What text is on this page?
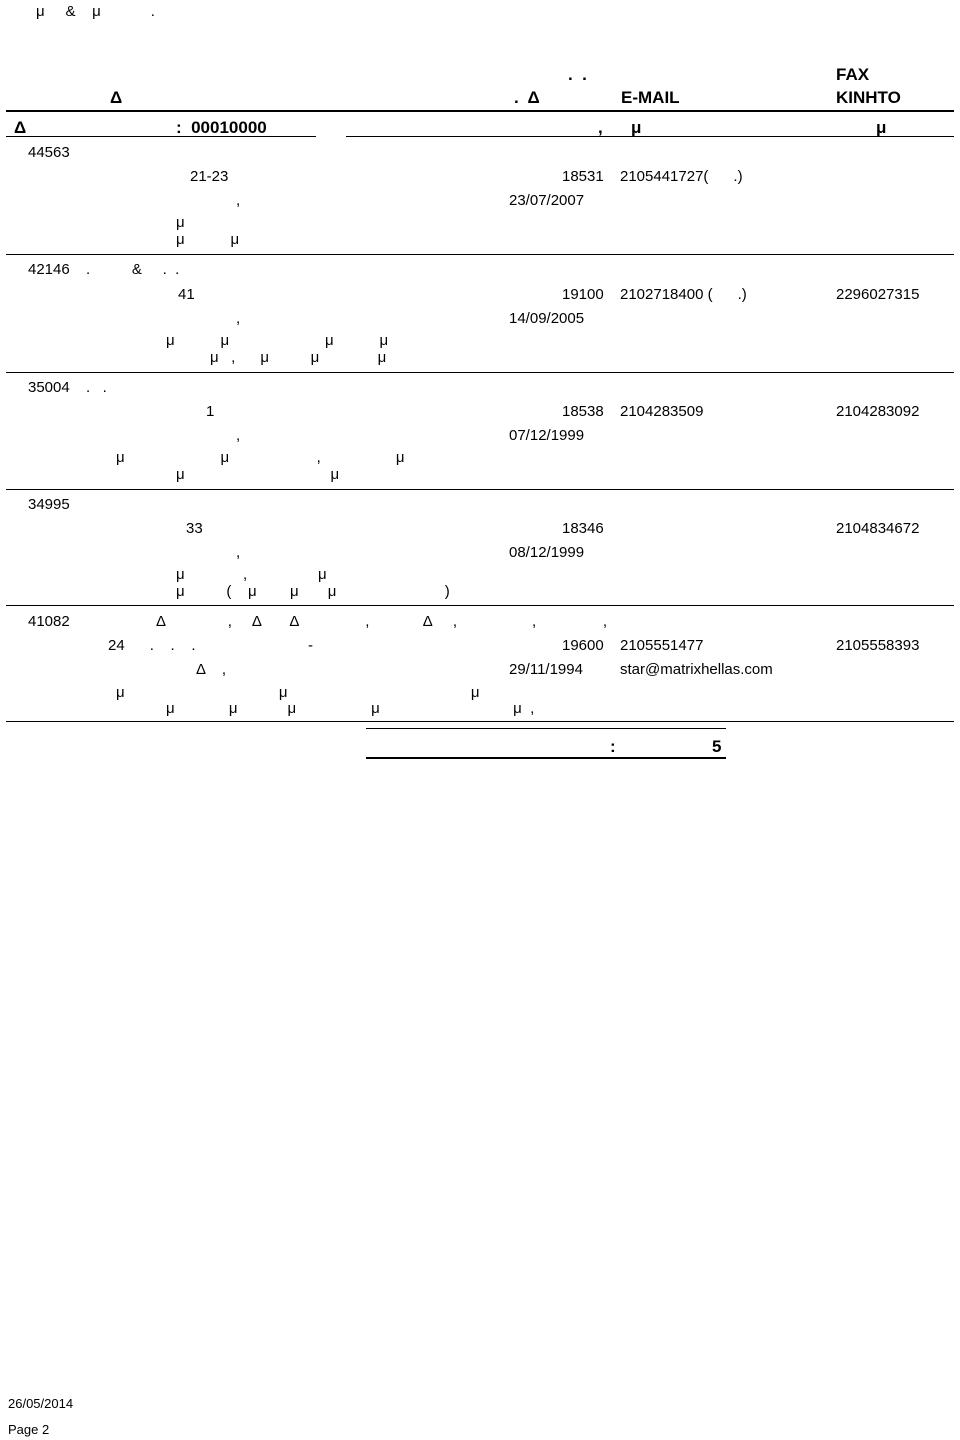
μ     &    μ            .
.  .	FAX
Δ	.  Δ	E-MAIL	ΚΙΝΗΤΟ
Δ	:  00010000	,      μ	μ
44563
21-23	18531 2105441727(      .)
,	23/07/2007
μ
μ           μ
42146 .          &     .  .
41	19100 2102718400 (      .)	2296027315
,	14/09/2005
μ           μ                       μ           μ
μ   ,      μ          μ              μ
35004 .   .
1	18538 2104283509	2104283092
,	07/12/1999
μ                       μ                     ,                  μ
μ                                   μ
34995
33	18346	2104834672
,	08/12/1999
μ              ,                 μ
μ          (    μ        μ       μ                          )
41082	Δ               ,     Δ       Δ                ,             Δ     ,                  ,                ,
24      .    .    .	-	19600 2105551477	2105558393
Δ    ,	29/11/1994 star@matrixhellas.com
μ                                     μ                                            μ
μ             μ            μ                  μ                                μ  ,
:	5
26/05/2014
Page 2
